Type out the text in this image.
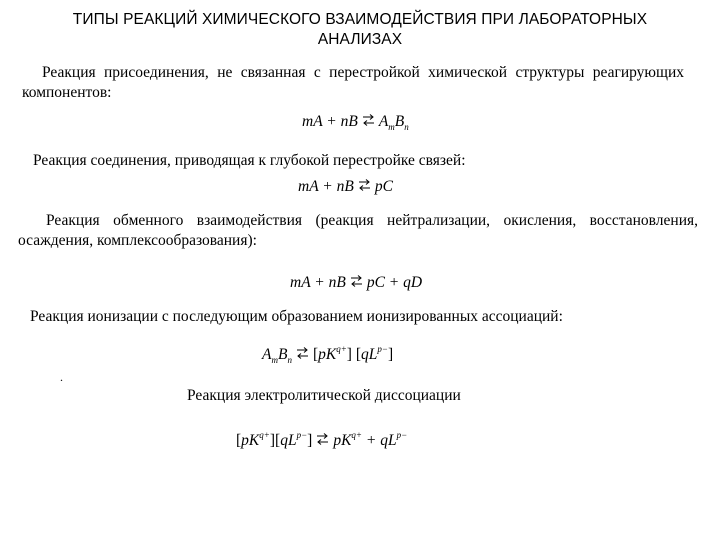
ТИПЫ РЕАКЦИЙ ХИМИЧЕСКОГО ВЗАИМОДЕЙСТВИЯ ПРИ ЛАБОРАТОРНЫХ
АНАЛИЗАХ
Реакция присоединения, не связанная с перестройкой химической структуры реагирующих компонентов:
mA + nB ⇌ $A_mB_n$
Реакция соединения, приводящая к глубокой перестройке связей:
mA + nB ⇌ pC
Реакция обменного взаимодействия (реакция нейтрализации, окисления, восстановления, осаждения, комплексообразования):
mA + nB ⇌ pC + qD
Реакция ионизации с последующим образованием ионизированных ассоциаций:
$A_mB_n$ ⇌ $[pK^{q+}]$ $[qL^{p-}]$
.
Реакция электролитической диссоциации
$[pK^{q+}][qL^{p-}]$ ⇌ $pK^{q+} + qL^{p-}$
